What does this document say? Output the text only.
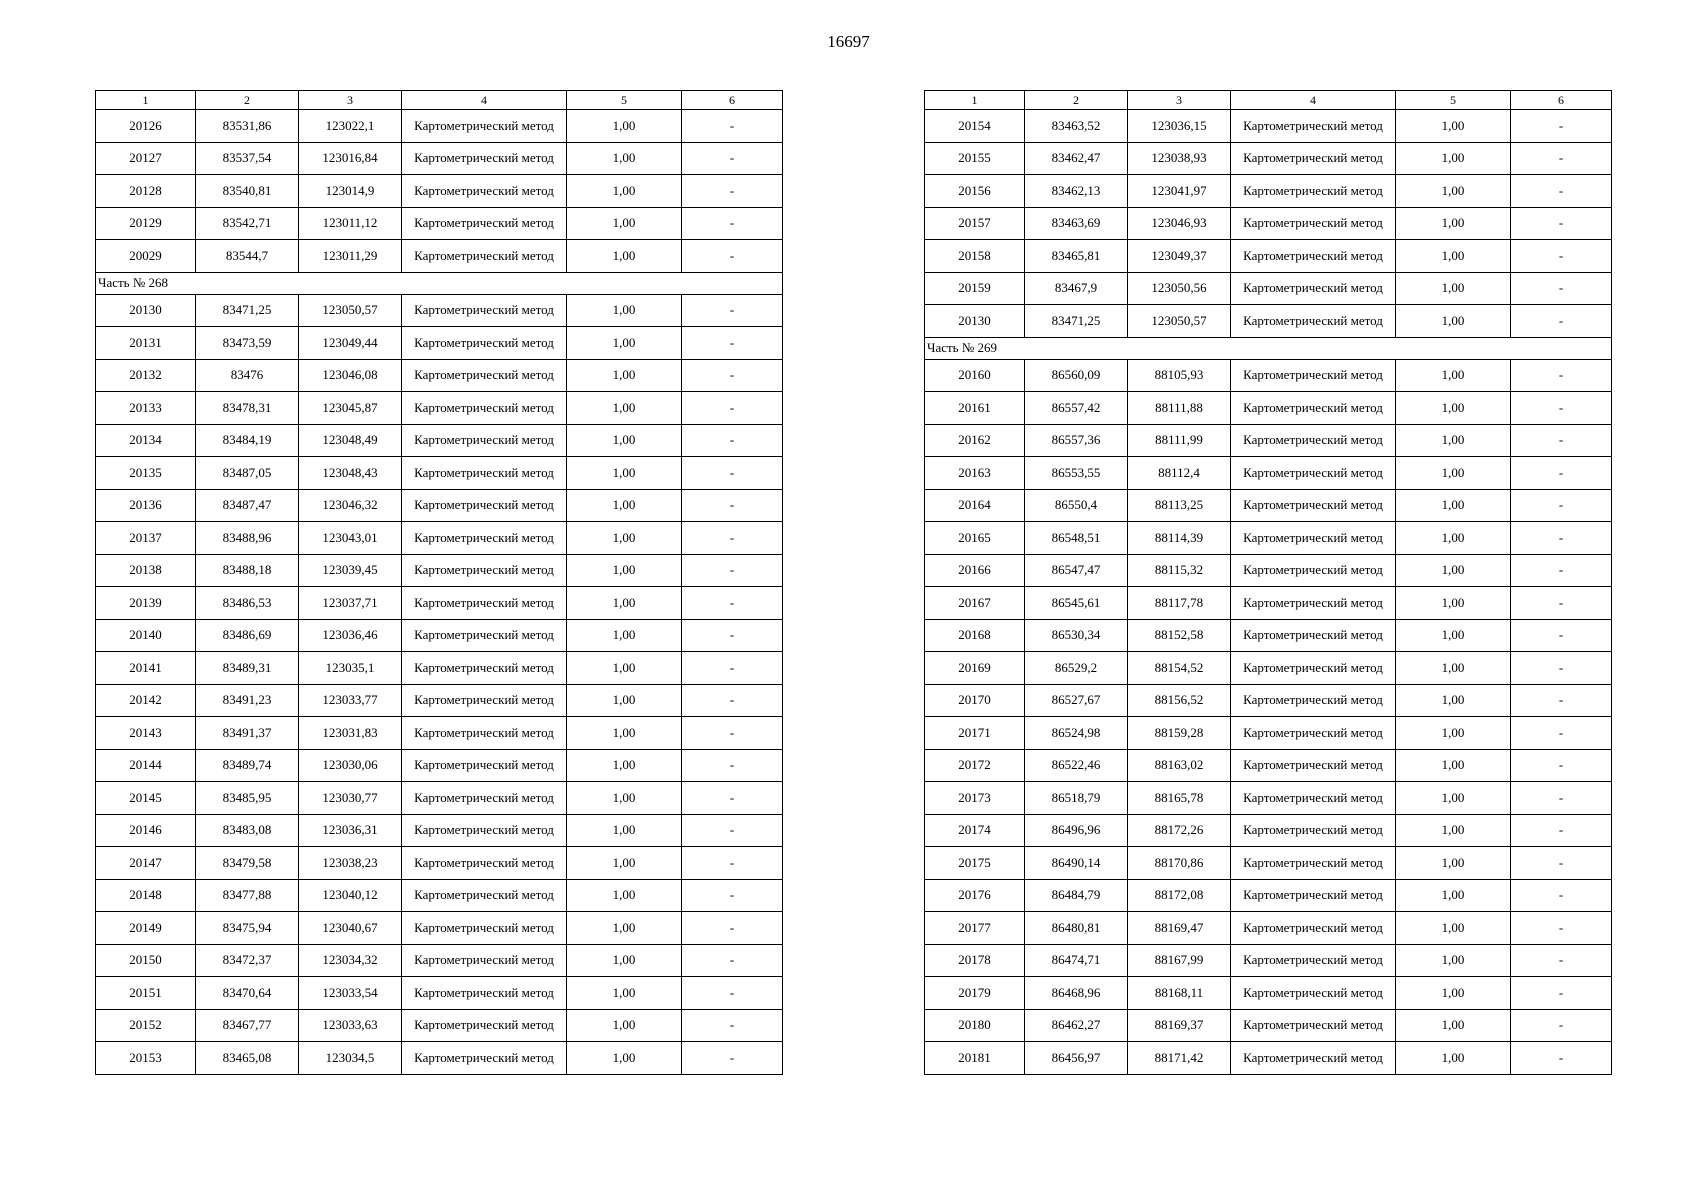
16697
1	2	3	4	5	6
20126	83531,86	123022,1	Картометрический метод	1,00	-
20127	83537,54	123016,84	Картометрический метод	1,00	-
20128	83540,81	123014,9	Картометрический метод	1,00	-
20129	83542,71	123011,12	Картометрический метод	1,00	-
20029	83544,7	123011,29	Картометрический метод	1,00	-
Часть № 268					
20130	83471,25	123050,57	Картометрический метод	1,00	-
20131	83473,59	123049,44	Картометрический метод	1,00	-
20132	83476	123046,08	Картометрический метод	1,00	-
20133	83478,31	123045,87	Картометрический метод	1,00	-
20134	83484,19	123048,49	Картометрический метод	1,00	-
20135	83487,05	123048,43	Картометрический метод	1,00	-
20136	83487,47	123046,32	Картометрический метод	1,00	-
20137	83488,96	123043,01	Картометрический метод	1,00	-
20138	83488,18	123039,45	Картометрический метод	1,00	-
20139	83486,53	123037,71	Картометрический метод	1,00	-
20140	83486,69	123036,46	Картометрический метод	1,00	-
20141	83489,31	123035,1	Картометрический метод	1,00	-
20142	83491,23	123033,77	Картометрический метод	1,00	-
20143	83491,37	123031,83	Картометрический метод	1,00	-
20144	83489,74	123030,06	Картометрический метод	1,00	-
20145	83485,95	123030,77	Картометрический метод	1,00	-
20146	83483,08	123036,31	Картометрический метод	1,00	-
20147	83479,58	123038,23	Картометрический метод	1,00	-
20148	83477,88	123040,12	Картометрический метод	1,00	-
20149	83475,94	123040,67	Картометрический метод	1,00	-
20150	83472,37	123034,32	Картометрический метод	1,00	-
20151	83470,64	123033,54	Картометрический метод	1,00	-
20152	83467,77	123033,63	Картометрический метод	1,00	-
20153	83465,08	123034,5	Картометрический метод	1,00	-
1	2	3	4	5	6
20154	83463,52	123036,15	Картометрический метод	1,00	-
20155	83462,47	123038,93	Картометрический метод	1,00	-
20156	83462,13	123041,97	Картометрический метод	1,00	-
20157	83463,69	123046,93	Картометрический метод	1,00	-
20158	83465,81	123049,37	Картометрический метод	1,00	-
20159	83467,9	123050,56	Картометрический метод	1,00	-
20130	83471,25	123050,57	Картометрический метод	1,00	-
Часть № 269					
20160	86560,09	88105,93	Картометрический метод	1,00	-
20161	86557,42	88111,88	Картометрический метод	1,00	-
20162	86557,36	88111,99	Картометрический метод	1,00	-
20163	86553,55	88112,4	Картометрический метод	1,00	-
20164	86550,4	88113,25	Картометрический метод	1,00	-
20165	86548,51	88114,39	Картометрический метод	1,00	-
20166	86547,47	88115,32	Картометрический метод	1,00	-
20167	86545,61	88117,78	Картометрический метод	1,00	-
20168	86530,34	88152,58	Картометрический метод	1,00	-
20169	86529,2	88154,52	Картометрический метод	1,00	-
20170	86527,67	88156,52	Картометрический метод	1,00	-
20171	86524,98	88159,28	Картометрический метод	1,00	-
20172	86522,46	88163,02	Картометрический метод	1,00	-
20173	86518,79	88165,78	Картометрический метод	1,00	-
20174	86496,96	88172,26	Картометрический метод	1,00	-
20175	86490,14	88170,86	Картометрический метод	1,00	-
20176	86484,79	88172,08	Картометрический метод	1,00	-
20177	86480,81	88169,47	Картометрический метод	1,00	-
20178	86474,71	88167,99	Картометрический метод	1,00	-
20179	86468,96	88168,11	Картометрический метод	1,00	-
20180	86462,27	88169,37	Картометрический метод	1,00	-
20181	86456,97	88171,42	Картометрический метод	1,00	-
